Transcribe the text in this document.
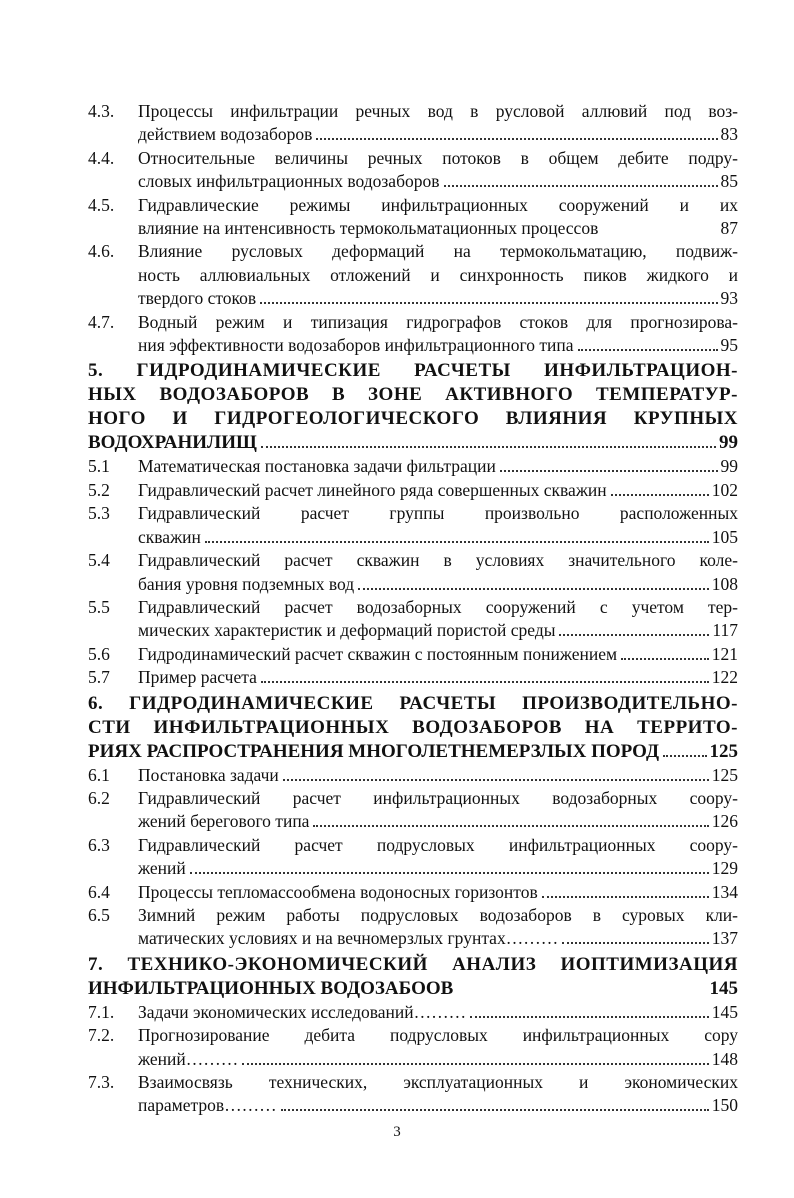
4.3.	Процессы инфильтрации речных вод в русловой аллювий под воз-
действием водозаборов	83
4.4.	Относительные величины речных потоков в общем дебите подру-
словых инфильтрационных водозаборов	85
4.5.	Гидравлические режимы инфильтрационных сооружений и их
влияние на интенсивность термокольматационных процессов	87
4.6.	Влияние русловых деформаций на термокольматацию, подвиж-
ность аллювиальных отложений и синхронность пиков жидкого и
твердого стоков	93
4.7.	Водный режим и типизация гидрографов стоков для прогнозирова-
ния эффективности водозаборов инфильтрационного типа	95
5. ГИДРОДИНАМИЧЕСКИЕ РАСЧЕТЫ ИНФИЛЬТРАЦИОН-
НЫХ ВОДОЗАБОРОВ В ЗОНЕ АКТИВНОГО ТЕМПЕРАТУР-
НОГО И ГИДРОГЕОЛОГИЧЕСКОГО ВЛИЯНИЯ КРУПНЫХ
ВОДОХРАНИЛИЩ	99
5.1	Математическая постановка задачи фильтрации	99
5.2	Гидравлический расчет линейного ряда совершенных скважин	102
5.3	Гидравлический расчет группы произвольно расположенных
скважин	105
5.4	Гидравлический расчет скважин в условиях значительного коле-
бания уровня подземных вод	108
5.5	Гидравлический расчет водозаборных сооружений с учетом тер-
мических характеристик и деформаций пористой среды	117
5.6	Гидродинамический расчет скважин с постоянным понижением	121
5.7	Пример расчета	122
6. ГИДРОДИНАМИЧЕСКИЕ РАСЧЕТЫ ПРОИЗВОДИТЕЛЬНО-
СТИ ИНФИЛЬТРАЦИОННЫХ ВОДОЗАБОРОВ НА ТЕРРИТО-
РИЯХ РАСПРОСТРАНЕНИЯ МНОГОЛЕТНЕМЕРЗЛЫХ ПОРОД	125
6.1	Постановка задачи	125
6.2	Гидравлический расчет инфильтрационных водозаборных соору-
жений берегового типа	126
6.3	Гидравлический расчет подрусловых инфильтрационных соору-
жений	129
6.4	Процессы тепломассообмена водоносных горизонтов	134
6.5	Зимний режим работы подрусловых водозаборов в суровых кли-
матических условиях и на вечномерзлых грунтах………	137
7. ТЕХНИКО-ЭКОНОМИЧЕСКИЙ АНАЛИЗ ИОПТИМИЗАЦИЯ
ИНФИЛЬТРАЦИОННЫХ ВОДОЗАБООВ	145
7.1.	Задачи экономических исследований………	145
7.2.	Прогнозирование дебита подрусловых инфильтрационных сору
жений………	148
7.3.	Взаимосвязь технических, эксплуатационных и экономических
параметров………	150
3
